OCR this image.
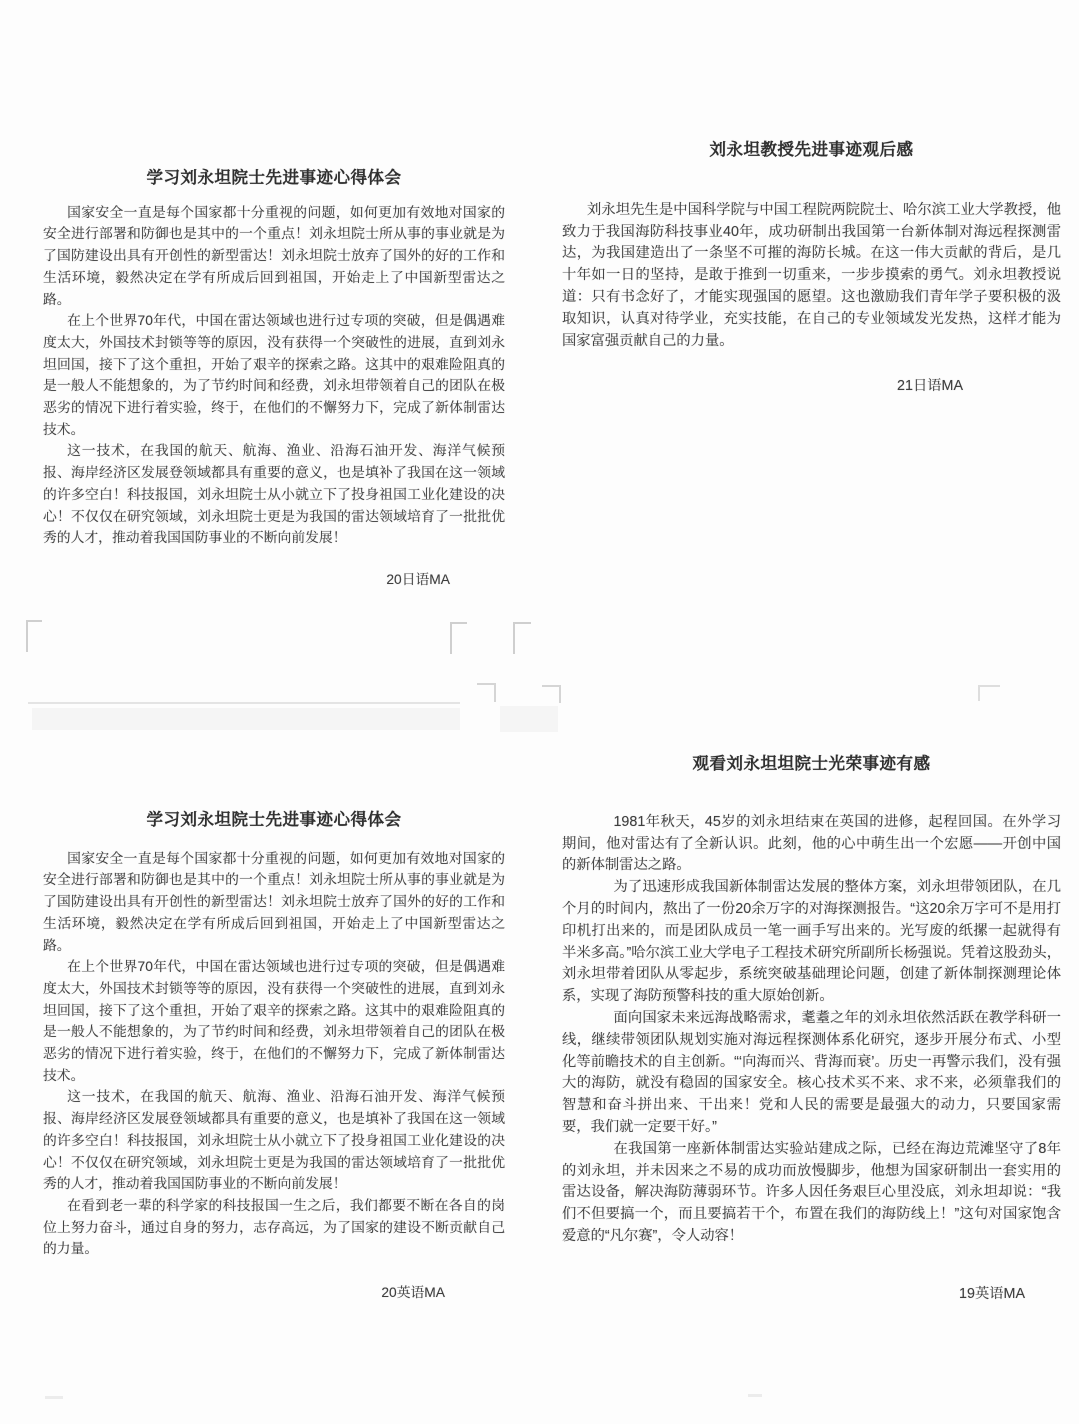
学习刘永坦院士先进事迹心得体会

国家安全一直是每个国家都十分重视的问题，如何更加有效地对国家的安全进行部署和防御也是其中的一个重点！刘永坦院士所从事的事业就是为了国防建设出具有开创性的新型雷达！刘永坦院士放弃了国外的好的工作和生活环境，毅然决定在学有所成后回到祖国，开始走上了中国新型雷达之路。

在上个世界70年代，中国在雷达领域也进行过专项的突破，但是偶遇难度太大，外国技术封锁等等的原因，没有获得一个突破性的进展，直到刘永坦回国，接下了这个重担，开始了艰辛的探索之路。这其中的艰难险阻真的是一般人不能想象的，为了节约时间和经费，刘永坦带领着自己的团队在极恶劣的情况下进行着实验，终于，在他们的不懈努力下，完成了新体制雷达技术。

这一技术，在我国的航天、航海、渔业、沿海石油开发、海洋气候预报、海岸经济区发展登领域都具有重要的意义，也是填补了我国在这一领域的许多空白！科技报国，刘永坦院士从小就立下了投身祖国工业化建设的决心！不仅仅在研究领域，刘永坦院士更是为我国的雷达领域培育了一批批优秀的人才，推动着我国国防事业的不断向前发展！

20日语MA
刘永坦教授先进事迹观后感

刘永坦先生是中国科学院与中国工程院两院院士、哈尔滨工业大学教授，他致力于我国海防科技事业40年，成功研制出我国第一台新体制对海远程探测雷达，为我国建造出了一条坚不可摧的海防长城。在这一伟大贡献的背后，是几十年如一日的坚持，是敢于推到一切重来，一步步摸索的勇气。刘永坦教授说道：只有书念好了，才能实现强国的愿望。这也激励我们青年学子要积极的汲取知识，认真对待学业，充实技能，在自己的专业领域发光发热，这样才能为国家富强贡献自己的力量。

21日语MA
学习刘永坦院士先进事迹心得体会

国家安全一直是每个国家都十分重视的问题，如何更加有效地对国家的安全进行部署和防御也是其中的一个重点！刘永坦院士所从事的事业就是为了国防建设出具有开创性的新型雷达！刘永坦院士放弃了国外的好的工作和生活环境，毅然决定在学有所成后回到祖国，开始走上了中国新型雷达之路。

在上个世界70年代，中国在雷达领域也进行过专项的突破，但是偶遇难度太大，外国技术封锁等等的原因，没有获得一个突破性的进展，直到刘永坦回国，接下了这个重担，开始了艰辛的探索之路。这其中的艰难险阻真的是一般人不能想象的，为了节约时间和经费，刘永坦带领着自己的团队在极恶劣的情况下进行着实验，终于，在他们的不懈努力下，完成了新体制雷达技术。

这一技术，在我国的航天、航海、渔业、沿海石油开发、海洋气候预报、海岸经济区发展登领域都具有重要的意义，也是填补了我国在这一领域的许多空白！科技报国，刘永坦院士从小就立下了投身祖国工业化建设的决心！不仅仅在研究领域，刘永坦院士更是为我国的雷达领域培育了一批批优秀的人才，推动着我国国防事业的不断向前发展！

在看到老一辈的科学家的科技报国一生之后，我们都要不断在各自的岗位上努力奋斗，通过自身的努力，志存高远，为了国家的建设不断贡献自己的力量。

20英语MA
观看刘永坦坦院士光荣事迹有感

1981年秋天，45岁的刘永坦结束在英国的进修，起程回国。在外学习期间，他对雷达有了全新认识。此刻，他的心中萌生出一个宏愿——开创中国的新体制雷达之路。

为了迅速形成我国新体制雷达发展的整体方案，刘永坦带领团队，在几个月的时间内，熬出了一份20余万字的对海探测报告。“这20余万字可不是用打印机打出来的，而是团队成员一笔一画手写出来的。光写废的纸摞一起就得有半米多高。”哈尔滨工业大学电子工程技术研究所副所长杨强说。凭着这股劲头，刘永坦带着团队从零起步，系统突破基础理论问题，创建了新体制探测理论体系，实现了海防预警科技的重大原始创新。

面向国家未来远海战略需求，耄耋之年的刘永坦依然活跃在教学科研一线，继续带领团队规划实施对海远程探测体系化研究，逐步开展分布式、小型化等前瞻技术的自主创新。“‘向海而兴、背海而衰’。历史一再警示我们，没有强大的海防，就没有稳固的国家安全。核心技术买不来、求不来，必须靠我们的智慧和奋斗拼出来、干出来！党和人民的需要是最强大的动力，只要国家需要，我们就一定要干好。”

在我国第一座新体制雷达实验站建成之际，已经在海边荒滩坚守了8年的刘永坦，并未因来之不易的成功而放慢脚步，他想为国家研制出一套实用的雷达设备，解决海防薄弱环节。许多人因任务艰巨心里没底，刘永坦却说：“我们不但要搞一个，而且要搞若干个，布置在我们的海防线上！”这句对国家饱含爱意的“凡尔赛”，令人动容！

19英语MA
